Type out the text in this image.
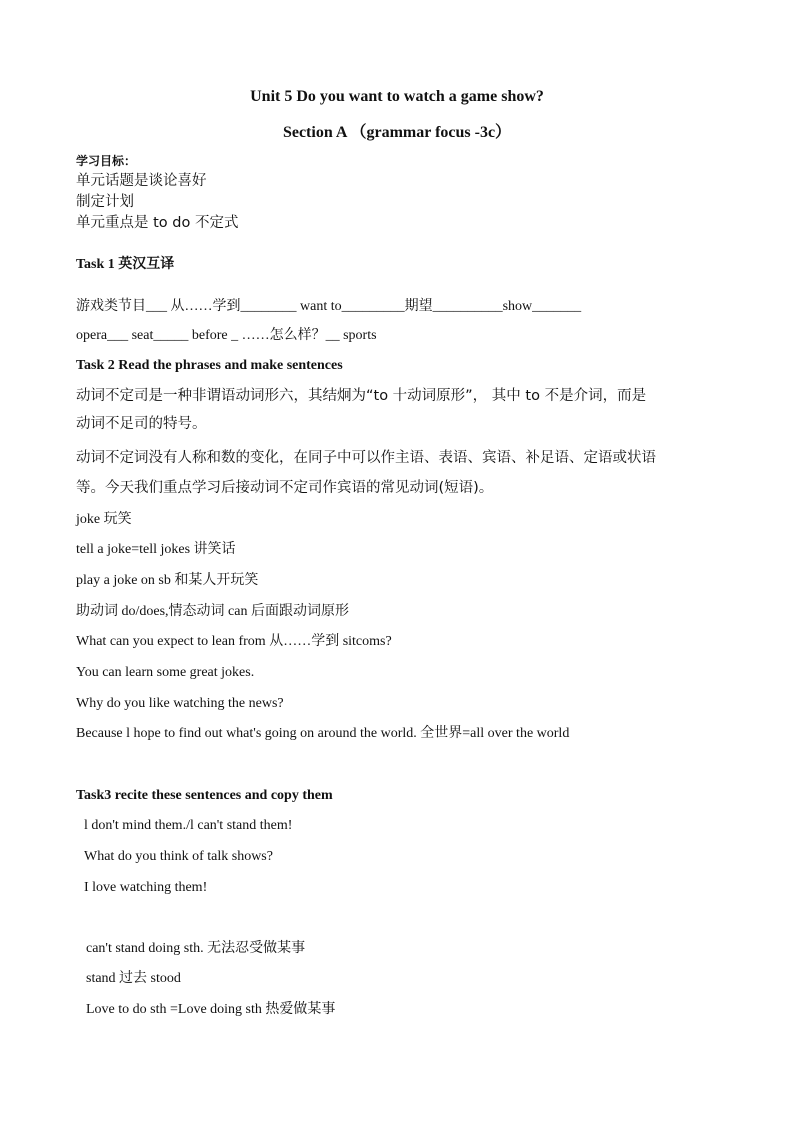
Unit 5 Do you want to watch a game show?
Section A （grammar focus -3c）
学习目标：
单元话题是谈论喜好
制定计划
单元重点是 to do 不定式
Task 1 英汉互译
游戏类节目___ 从……学到________ want to_________期望__________show_______
opera___ seat_____ before _ ……怎么样？__ sports
Task 2 Read the phrases and make sentences
动词不定司是一种非谓语动词形六，其结炯为“to 十动词原形”， 其中 to 不是介词，而是
动词不足司的特号。
动词不定词没有人称和数的变化，在同子中可以作主语、表语、宾语、补足语、定语或状语
等。今天我们重点学习后接动词不定司作宾语的常见动词(短语)。
joke 玩笑
tell a joke=tell jokes 讲笑话
play a joke on sb 和某人开玩笑
助动词 do/does,情态动词 can 后面跟动词原形
What can you expect to lean from 从……学到 sitcoms?
You can learn some great jokes.
Why do you like watching the news?
Because l hope to find out what's going on around the world. 全世界=all over the world
Task3 recite these sentences and copy them
l don't mind them./l can't stand them!
What do you think of talk shows?
I love watching them!
can't stand doing sth. 无法忍受做某事
stand 过去 stood
Love to do sth =Love doing sth 热爱做某事
